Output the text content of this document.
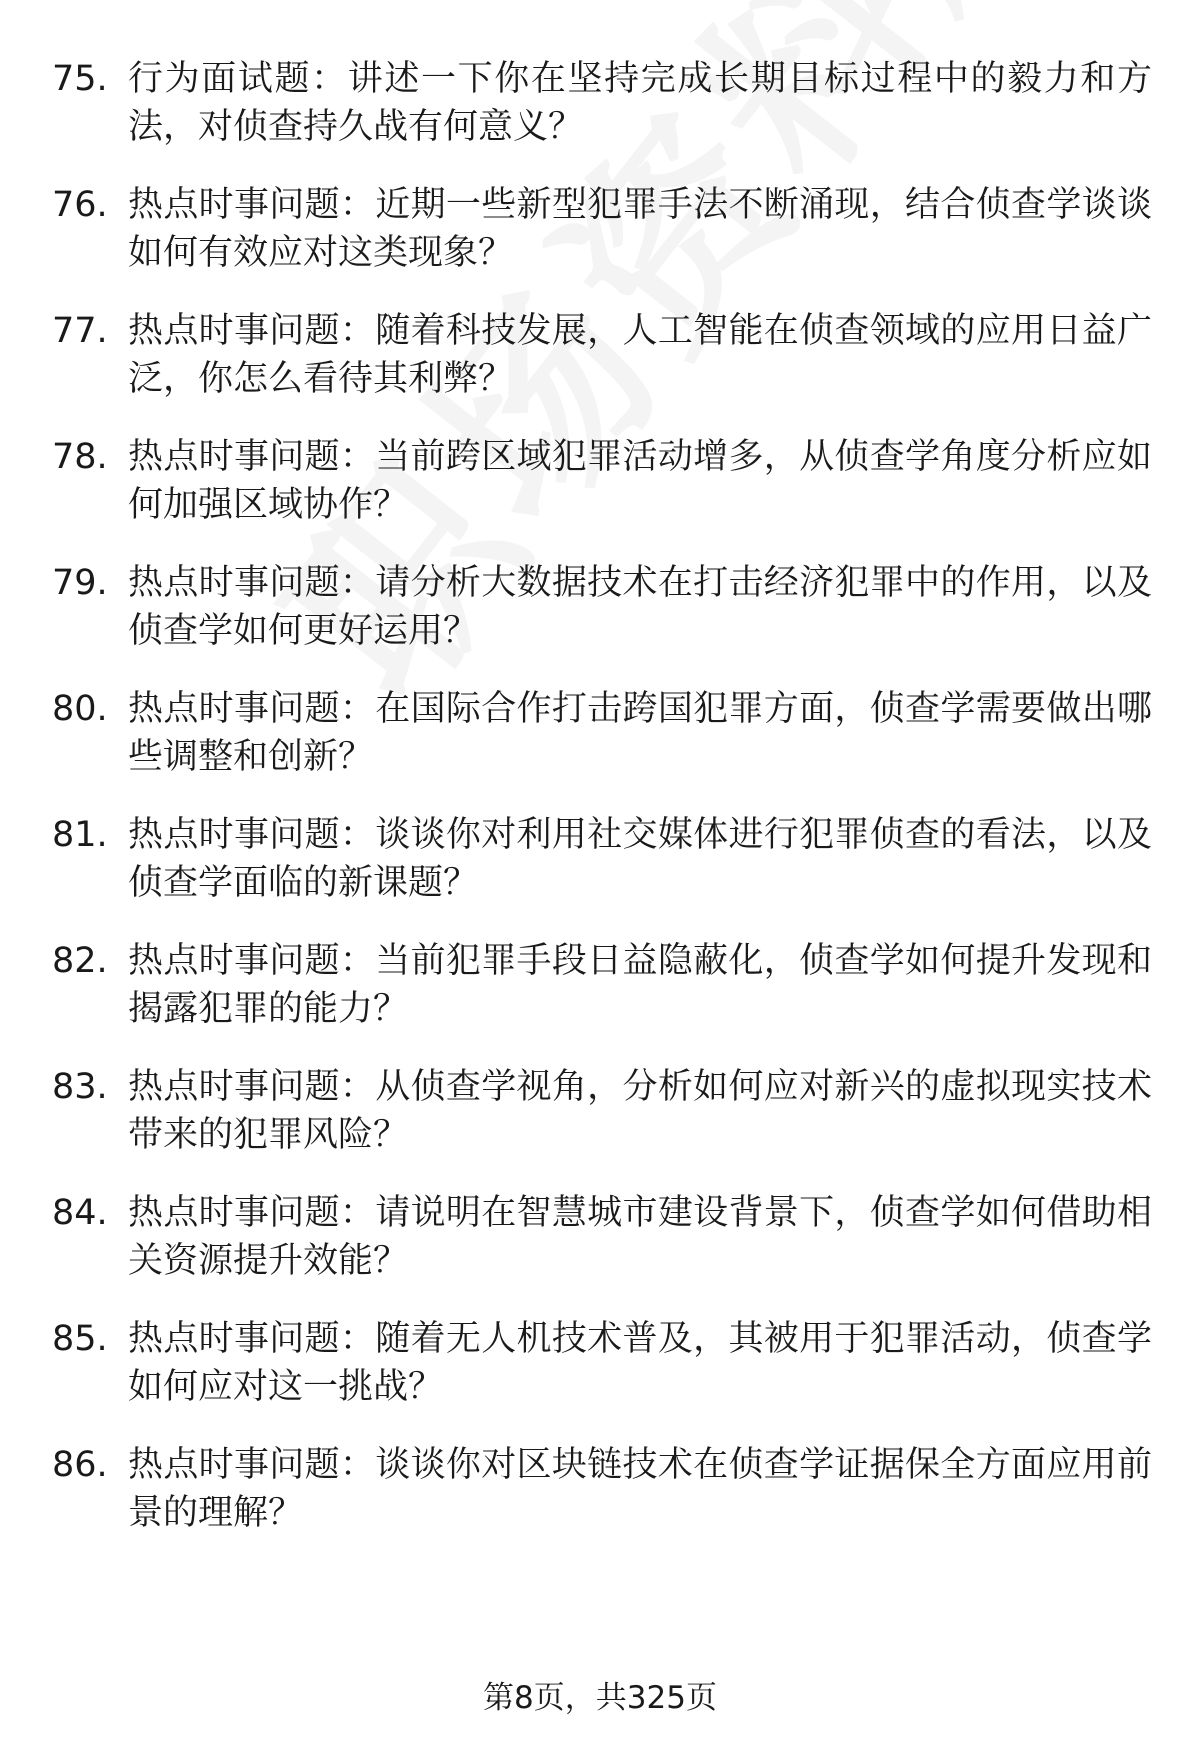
75. 行为面试题：讲述一下你在坚持完成长期目标过程中的毅力和方法，对侦查持久战有何意义？
76. 热点时事问题：近期一些新型犯罪手法不断涌现，结合侦查学谈谈如何有效应对这类现象？
77. 热点时事问题：随着科技发展，人工智能在侦查领域的应用日益广泛，你怎么看待其利弊？
78. 热点时事问题：当前跨区域犯罪活动增多，从侦查学角度分析应如何加强区域协作？
79. 热点时事问题：请分析大数据技术在打击经济犯罪中的作用，以及侦查学如何更好运用？
80. 热点时事问题：在国际合作打击跨国犯罪方面，侦查学需要做出哪些调整和创新？
81. 热点时事问题：谈谈你对利用社交媒体进行犯罪侦查的看法，以及侦查学面临的新课题？
82. 热点时事问题：当前犯罪手段日益隐蔽化，侦查学如何提升发现和揭露犯罪的能力？
83. 热点时事问题：从侦查学视角，分析如何应对新兴的虚拟现实技术带来的犯罪风险？
84. 热点时事问题：请说明在智慧城市建设背景下，侦查学如何借助相关资源提升效能？
85. 热点时事问题：随着无人机技术普及，其被用于犯罪活动，侦查学如何应对这一挑战？
86. 热点时事问题：谈谈你对区块链技术在侦查学证据保全方面应用前景的理解？
第8页，共325页
